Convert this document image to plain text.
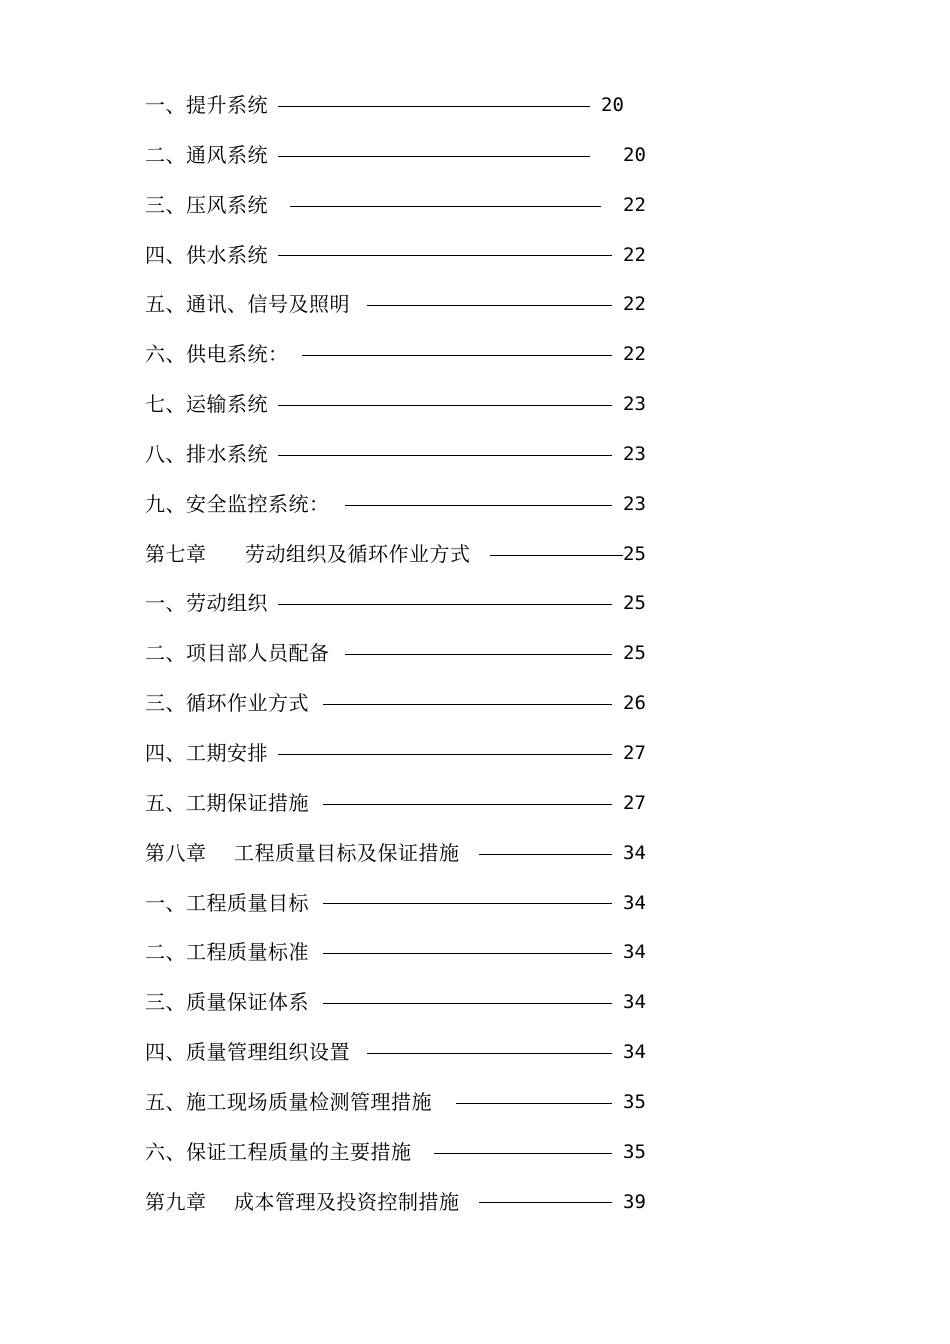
一、提升系统	20
二、通风系统	20
三、压风系统	22
四、供水系统	22
五、通讯、信号及照明	22
六、供电系统：	22
七、运输系统	23
八、排水系统	23
九、安全监控系统：	23
第七章 劳动组织及循环作业方式	25
一、劳动组织	25
二、项目部人员配备	25
三、循环作业方式	26
四、工期安排	27
五、工期保证措施	27
第八章 工程质量目标及保证措施	34
一、工程质量目标	34
二、工程质量标准	34
三、质量保证体系	34
四、质量管理组织设置	34
五、施工现场质量检测管理措施	35
六、保证工程质量的主要措施	35
第九章 成本管理及投资控制措施	39
